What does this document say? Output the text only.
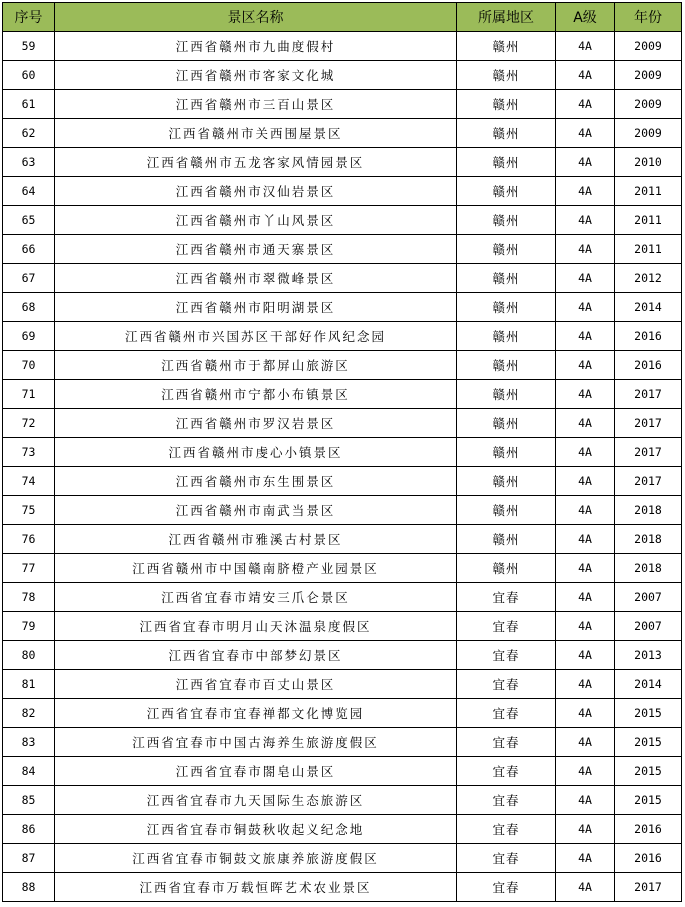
序号	景区名称	所属地区	A级	年份
59	江西省赣州市九曲度假村	赣州	4A	2009
60	江西省赣州市客家文化城	赣州	4A	2009
61	江西省赣州市三百山景区	赣州	4A	2009
62	江西省赣州市关西围屋景区	赣州	4A	2009
63	江西省赣州市五龙客家风情园景区	赣州	4A	2010
64	江西省赣州市汉仙岩景区	赣州	4A	2011
65	江西省赣州市丫山风景区	赣州	4A	2011
66	江西省赣州市通天寨景区	赣州	4A	2011
67	江西省赣州市翠微峰景区	赣州	4A	2012
68	江西省赣州市阳明湖景区	赣州	4A	2014
69	江西省赣州市兴国苏区干部好作风纪念园	赣州	4A	2016
70	江西省赣州市于都屏山旅游区	赣州	4A	2016
71	江西省赣州市宁都小布镇景区	赣州	4A	2017
72	江西省赣州市罗汉岩景区	赣州	4A	2017
73	江西省赣州市虔心小镇景区	赣州	4A	2017
74	江西省赣州市东生围景区	赣州	4A	2017
75	江西省赣州市南武当景区	赣州	4A	2018
76	江西省赣州市雅溪古村景区	赣州	4A	2018
77	江西省赣州市中国赣南脐橙产业园景区	赣州	4A	2018
78	江西省宜春市靖安三爪仑景区	宜春	4A	2007
79	江西省宜春市明月山天沐温泉度假区	宜春	4A	2007
80	江西省宜春市中部梦幻景区	宜春	4A	2013
81	江西省宜春市百丈山景区	宜春	4A	2014
82	江西省宜春市宜春禅都文化博览园	宜春	4A	2015
83	江西省宜春市中国古海养生旅游度假区	宜春	4A	2015
84	江西省宜春市閤皂山景区	宜春	4A	2015
85	江西省宜春市九天国际生态旅游区	宜春	4A	2015
86	江西省宜春市铜鼓秋收起义纪念地	宜春	4A	2016
87	江西省宜春市铜鼓文旅康养旅游度假区	宜春	4A	2016
88	江西省宜春市万载恒晖艺术农业景区	宜春	4A	2017
